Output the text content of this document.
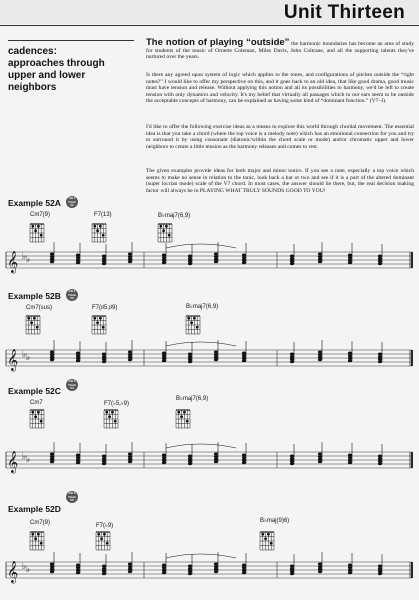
Unit Thirteen
cadences:
approaches through
upper and lower neighbors
The notion of playing “outside” the harmonic boundaries has become an area of study for students of the music of Ornette Coleman, Miles Davis, John Coltrane, and all the supporting talents they've nurtured over the years.
Is there any agreed upon system of logic which applies to the tones, and configurations of pitches outside the “right notes?” I would like to offer my perspective on this, and it goes back to an old idea, that like good drama, good music must have tension and release. Without applying this notion and all its possibilities to harmony, we'd be left to create tension with only dynamics and velocity. It's my belief that virtually all passages which to our ears seem to be outside the acceptable concepts of harmony, can be explained as having some kind of “dominant function.” (V7–I).
I'd like to offer the following exercise ideas as a means to explore this world through chordal movement. The essential idea is that you take a chord (where the top voice is a melody note) which has an emotional connection for you and try to surround it by using consonant (diatonic/within the chord scale or mode) and/or chromatic upper and lower neighbors to create a little tension as the harmony releases and comes to rest.
The given examples provide ideas for both major and minor tonics. If you see a note, especially a top voice which seems to make no sense in relation to the tonic, look back a bar or two and see if it is a part of the altered dominant (super locrian mode) scale of the V7 chord. In most cases, the answer should lie there, but, the real decision making factor will always be in PLAYING WHAT TRULY SOUNDS GOOD TO YOU!
Example 52A	CD 1
Track
52
Cm7(9)	F7(13)	B♭maj7(6,9)
Example 52B	CD 1
Track
53
Cm7(sus)	F7(♯5,♯9)	B♭maj7(6,9)
Example 52C
CD 1
Track
54
Cm7	F7(♭5,♭9)
B♭maj7(6,9)
Example 52D
CD 1
Track
55
Cm7(9)	F7(♭9)
B♭maj(9)6)
𝄞 ♭ ♭
𝄞 ♭ ♭
𝄞 ♭ ♭
𝄞 ♭ ♭
